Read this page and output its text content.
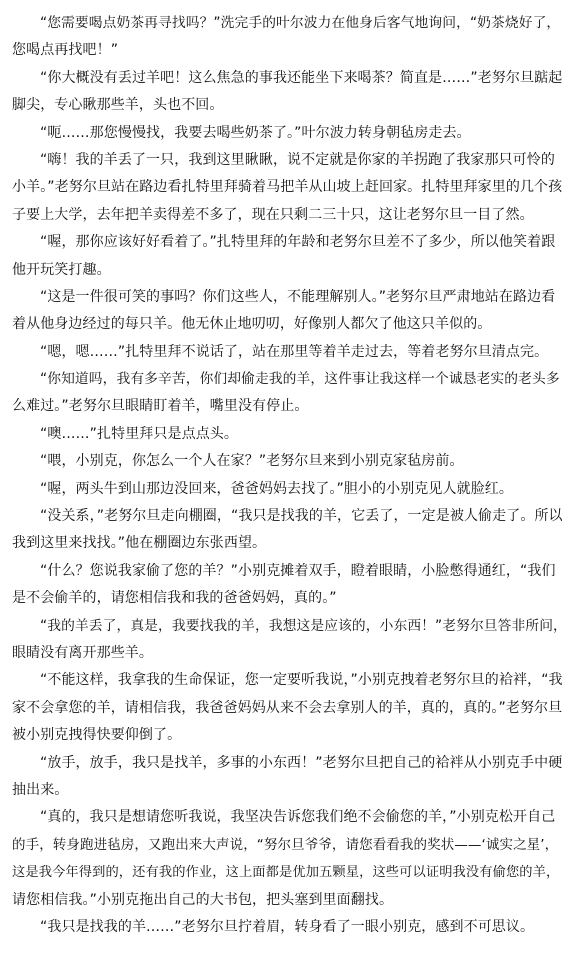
“您需要喝点奶茶再寻找吗？”洗完手的叶尔波力在他身后客气地询问，“奶茶烧好了，
您喝点再找吧！”
“你大概没有丢过羊吧！这么焦急的事我还能坐下来喝茶？简直是……”老努尔旦踮起
脚尖，专心瞅那些羊，头也不回。
“呃……那您慢慢找，我要去喝些奶茶了。”叶尔波力转身朝毡房走去。
“嗨！我的羊丢了一只，我到这里瞅瞅，说不定就是你家的羊拐跑了我家那只可怜的
小羊。”老努尔旦站在路边看扎特里拜骑着马把羊从山坡上赶回家。扎特里拜家里的几个孩
子要上大学，去年把羊卖得差不多了，现在只剩二三十只，这让老努尔旦一目了然。
“喔，那你应该好好看着了。”扎特里拜的年龄和老努尔旦差不了多少，所以他笑着跟
他开玩笑打趣。
“这是一件很可笑的事吗？你们这些人，不能理解别人。”老努尔旦严肃地站在路边看
着从他身边经过的每只羊。他无休止地叨叨，好像别人都欠了他这只羊似的。
“嗯，嗯……”扎特里拜不说话了，站在那里等着羊走过去，等着老努尔旦清点完。
“你知道吗，我有多辛苦，你们却偷走我的羊，这件事让我这样一个诚恳老实的老头多
么难过。”老努尔旦眼睛盯着羊，嘴里没有停止。
“噢……”扎特里拜只是点点头。
“喂，小别克，你怎么一个人在家？”老努尔旦来到小别克家毡房前。
“喔，两头牛到山那边没回来，爸爸妈妈去找了。”胆小的小别克见人就脸红。
“没关系，”老努尔旦走向棚圈，“我只是找我的羊，它丢了，一定是被人偷走了。所以
我到这里来找找。”他在棚圈边东张西望。
“什么？您说我家偷了您的羊？”小别克摊着双手，瞪着眼睛，小脸憋得通红，“我们
是不会偷羊的，请您相信我和我的爸爸妈妈，真的。”
“我的羊丢了，真是，我要找我的羊，我想这是应该的，小东西！”老努尔旦答非所问，
眼睛没有离开那些羊。
“不能这样，我拿我的生命保证，您一定要听我说，”小别克拽着老努尔旦的袷袢，“我
家不会拿您的羊，请相信我，我爸爸妈妈从来不会去拿别人的羊，真的，真的。”老努尔旦
被小别克拽得快要仰倒了。
“放手，放手，我只是找羊，多事的小东西！”老努尔旦把自己的袷袢从小别克手中硬
抽出来。
“真的，我只是想请您听我说，我坚决告诉您我们绝不会偷您的羊，”小别克松开自己
的手，转身跑进毡房，又跑出来大声说，“努尔旦爷爷，请您看看我的奖状——‘诚实之星’，
这是我今年得到的，还有我的作业，这上面都是优加五颗星，这些可以证明我没有偷您的羊，
请您相信我。”小别克拖出自己的大书包，把头塞到里面翻找。
“我只是找我的羊……”老努尔旦拧着眉，转身看了一眼小别克，感到不可思议。
